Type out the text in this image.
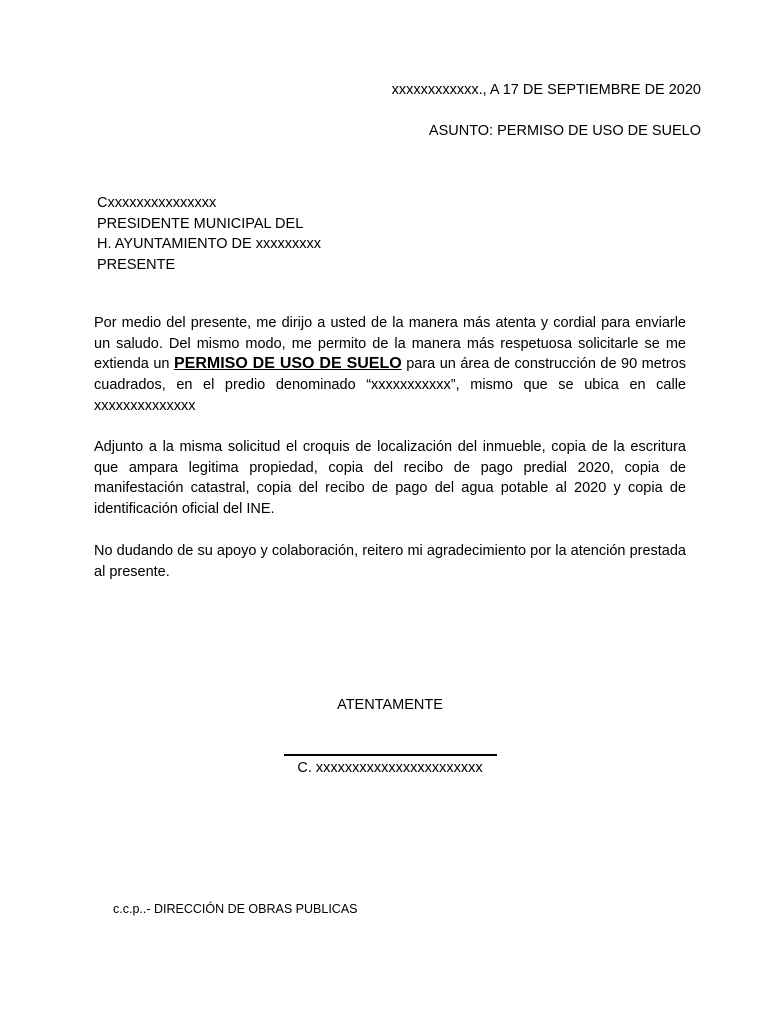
xxxxxxxxxxxx., A 17 DE SEPTIEMBRE DE 2020
ASUNTO: PERMISO DE USO DE SUELO
Cxxxxxxxxxxxxxxx
PRESIDENTE MUNICIPAL DEL
H. AYUNTAMIENTO DE xxxxxxxxx
PRESENTE
Por medio del presente, me dirijo a usted de la manera más atenta y cordial para enviarle un saludo. Del mismo modo, me permito de la manera más respetuosa solicitarle se me extienda un PERMISO DE USO DE SUELO para un área de construcción de 90 metros cuadrados, en el predio denominado “xxxxxxxxxxx”, mismo que se ubica en calle xxxxxxxxxxxxxx
Adjunto a la misma solicitud el croquis de localización del inmueble, copia de la escritura que ampara legitima propiedad, copia del recibo de pago predial 2020, copia de manifestación catastral, copia del recibo de pago del agua potable al 2020 y copia de identificación oficial del INE.
No dudando de su apoyo y colaboración, reitero mi agradecimiento por la atención prestada al presente.
ATENTAMENTE
C. xxxxxxxxxxxxxxxxxxxxxxx
c.c.p..- DIRECCIÓN DE OBRAS PUBLICAS
